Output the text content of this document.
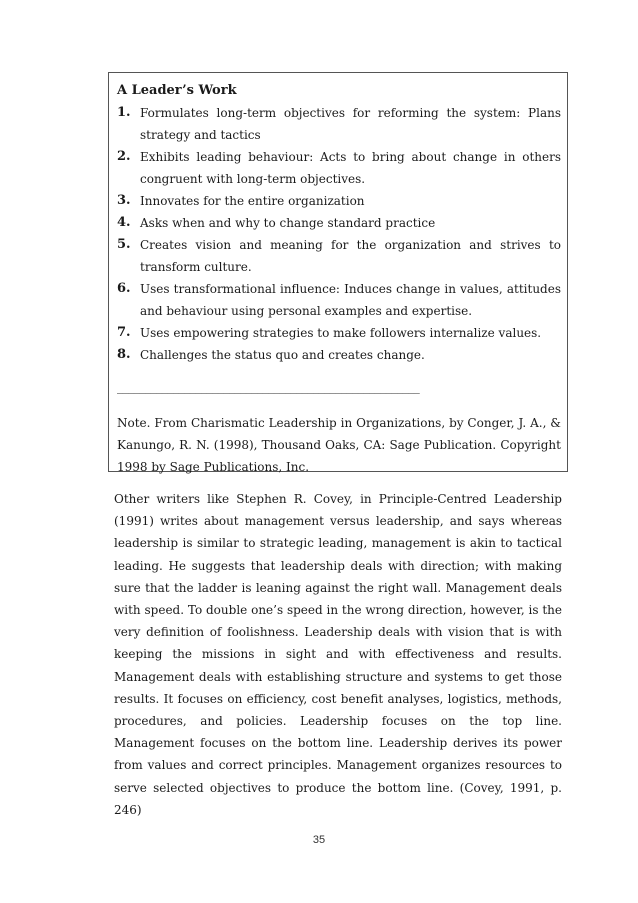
A Leader’s Work
1. Formulates long-term objectives for reforming the system: Plans strategy and tactics
2. Exhibits leading behaviour: Acts to bring about change in others congruent with long-term objectives.
3. Innovates for the entire organization
4. Asks when and why to change standard practice
5. Creates vision and meaning for the organization and strives to transform culture.
6. Uses transformational influence: Induces change in values, attitudes and behaviour using personal examples and expertise.
7. Uses empowering strategies to make followers internalize values.
8. Challenges the status quo and creates change.
______________________________________________________
Note. From Charismatic Leadership in Organizations, by Conger, J. A., & Kanungo, R. N. (1998), Thousand Oaks, CA: Sage Publication. Copyright 1998 by Sage Publications, Inc.
Other writers like Stephen R. Covey, in Principle-Centred Leadership (1991) writes about management versus leadership, and says whereas leadership is similar to strategic leading, management is akin to tactical leading. He suggests that leadership deals with direction; with making sure that the ladder is leaning against the right wall. Management deals with speed. To double one’s speed in the wrong direction, however, is the very definition of foolishness. Leadership deals with vision that is with keeping the missions in sight and with effectiveness and results. Management deals with establishing structure and systems to get those results. It focuses on efficiency, cost benefit analyses, logistics, methods, procedures, and policies. Leadership focuses on the top line. Management focuses on the bottom line. Leadership derives its power from values and correct principles. Management organizes resources to serve selected objectives to produce the bottom line. (Covey, 1991, p. 246)
35
